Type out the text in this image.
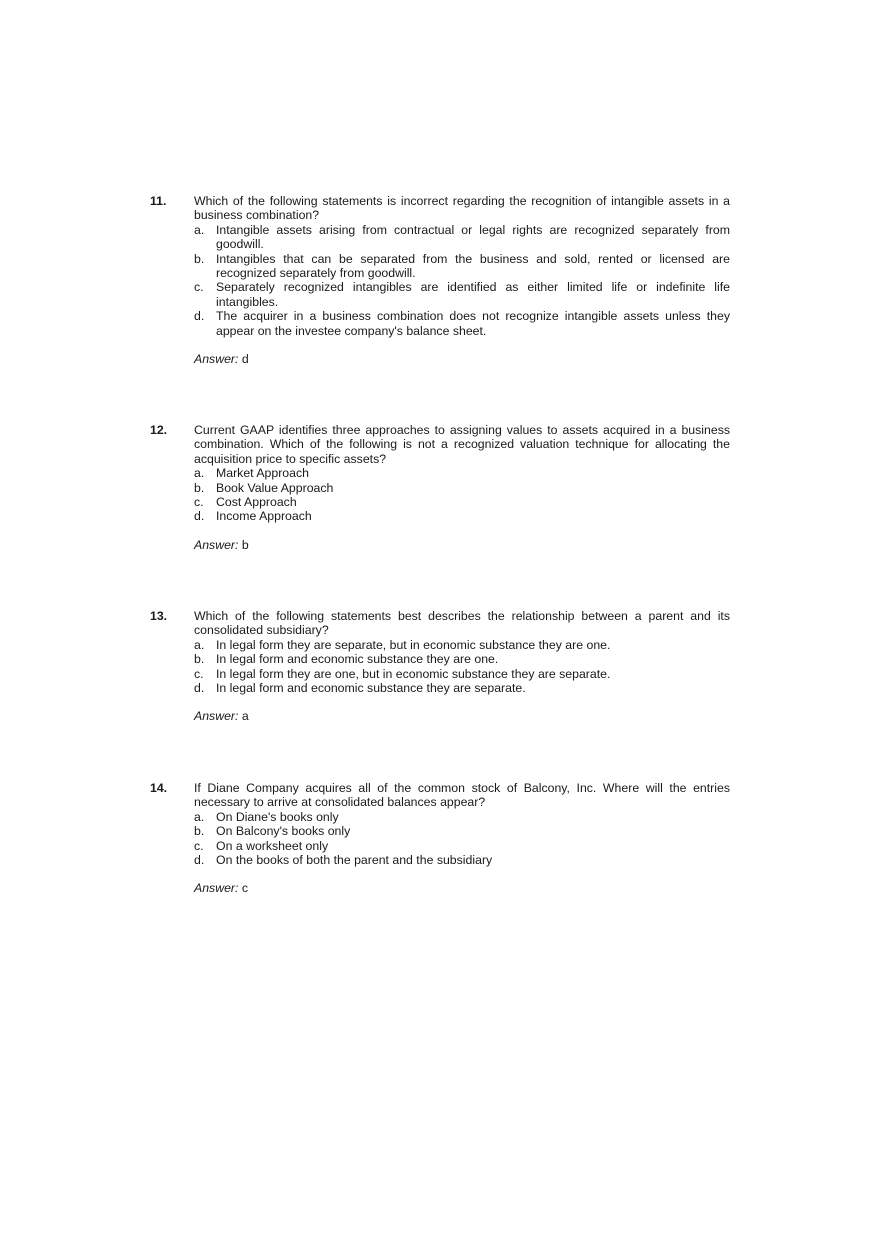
11. Which of the following statements is incorrect regarding the recognition of intangible assets in a business combination?
a. Intangible assets arising from contractual or legal rights are recognized separately from goodwill.
b. Intangibles that can be separated from the business and sold, rented or licensed are recognized separately from goodwill.
c. Separately recognized intangibles are identified as either limited life or indefinite life intangibles.
d. The acquirer in a business combination does not recognize intangible assets unless they appear on the investee company's balance sheet.
Answer: d
12. Current GAAP identifies three approaches to assigning values to assets acquired in a business combination. Which of the following is not a recognized valuation technique for allocating the acquisition price to specific assets?
a. Market Approach
b. Book Value Approach
c. Cost Approach
d. Income Approach
Answer: b
13. Which of the following statements best describes the relationship between a parent and its consolidated subsidiary?
a. In legal form they are separate, but in economic substance they are one.
b. In legal form and economic substance they are one.
c. In legal form they are one, but in economic substance they are separate.
d. In legal form and economic substance they are separate.
Answer: a
14. If Diane Company acquires all of the common stock of Balcony, Inc. Where will the entries necessary to arrive at consolidated balances appear?
a. On Diane's books only
b. On Balcony's books only
c. On a worksheet only
d. On the books of both the parent and the subsidiary
Answer: c
